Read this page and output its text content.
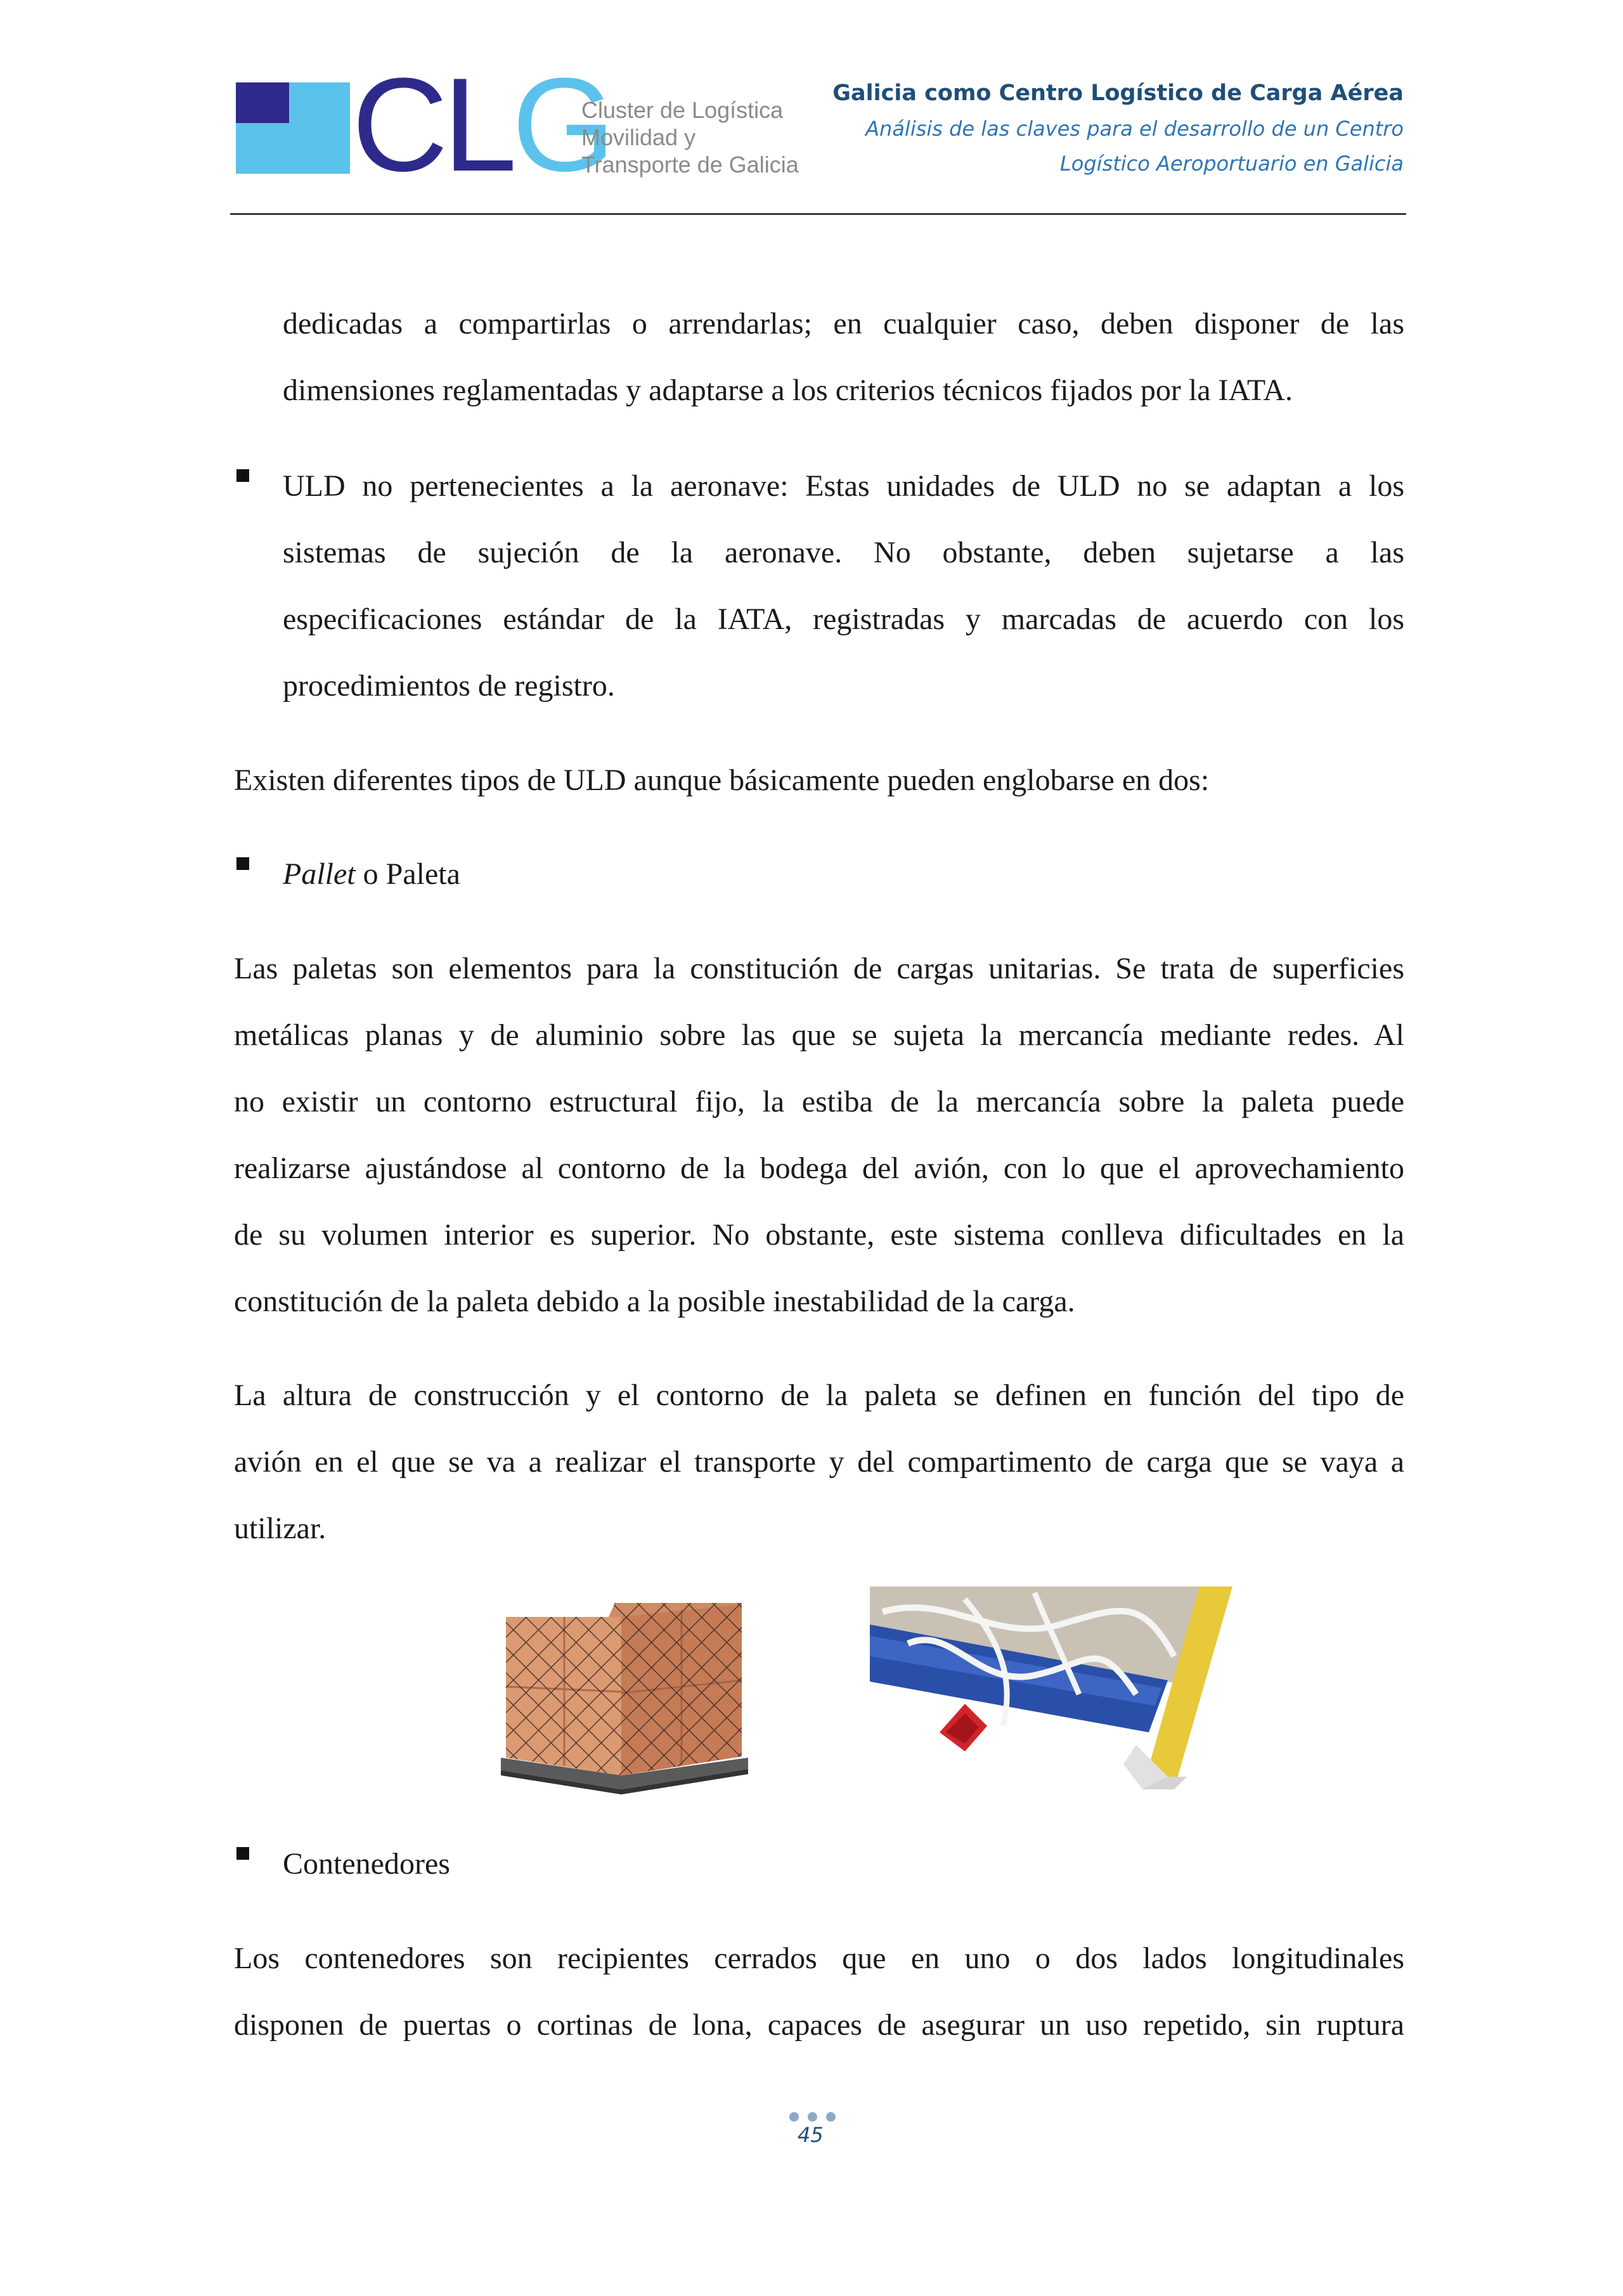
CLG
Cluster de Logística
Movilidad y
Transporte de Galicia
Galicia como Centro Logístico de Carga Aérea
Análisis de las claves para el desarrollo de un Centro
Logístico Aeroportuario en Galicia
dedicadas a compartirlas o arrendarlas; en cualquier caso, deben disponer de las
dimensiones reglamentadas y adaptarse a los criterios técnicos fijados por la IATA.
ULD no pertenecientes a la aeronave: Estas unidades de ULD no se adaptan a los
sistemas de sujeción de la aeronave. No obstante, deben sujetarse a las
especificaciones estándar de la IATA, registradas y marcadas de acuerdo con los
procedimientos de registro.
Existen diferentes tipos de ULD aunque básicamente pueden englobarse en dos:
Pallet o Paleta
Las paletas son elementos para la constitución de cargas unitarias. Se trata de superficies
metálicas planas y de aluminio sobre las que se sujeta la mercancía mediante redes. Al
no existir un contorno estructural fijo, la estiba de la mercancía sobre la paleta puede
realizarse ajustándose al contorno de la bodega del avión, con lo que el aprovechamiento
de su volumen interior es superior. No obstante, este sistema conlleva dificultades en la
constitución de la paleta debido a la posible inestabilidad de la carga.
La altura de construcción y el contorno de la paleta se definen en función del tipo de
avión en el que se va a realizar el transporte y del compartimento de carga que se vaya a
utilizar.
Contenedores
Los contenedores son recipientes cerrados que en uno o dos lados longitudinales
disponen de puertas o cortinas de lona, capaces de asegurar un uso repetido, sin ruptura
45
